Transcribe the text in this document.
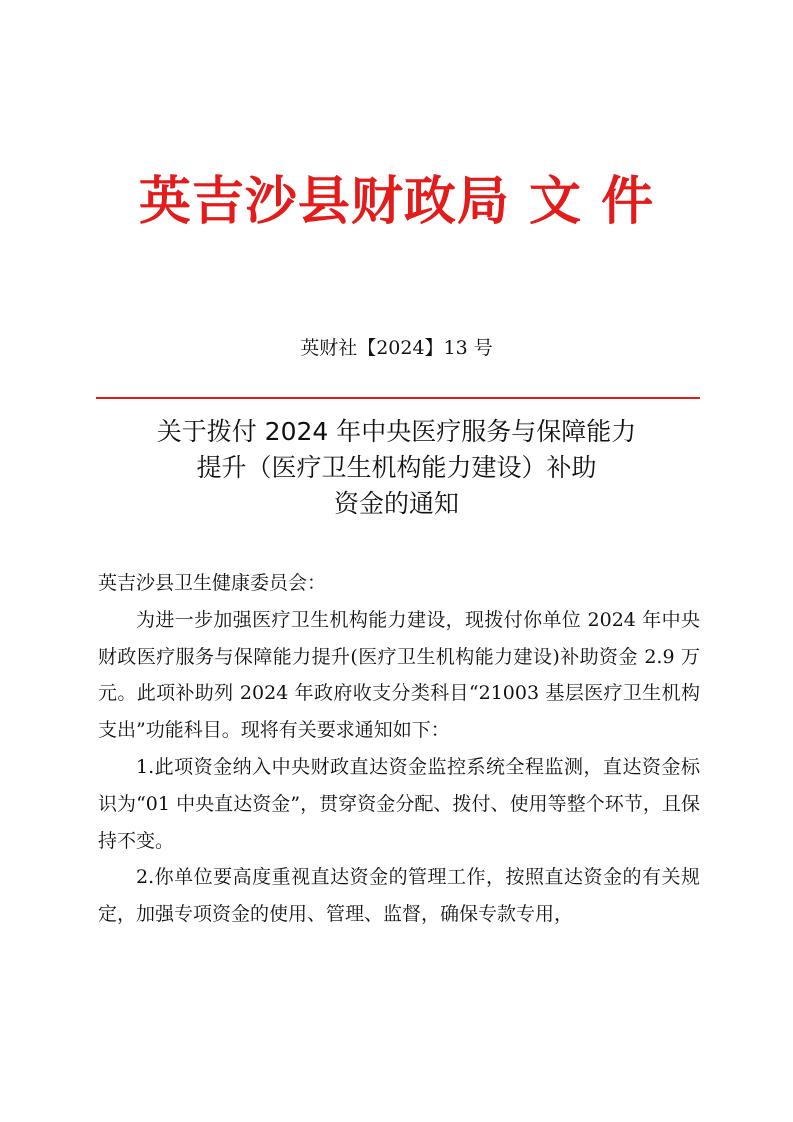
英吉沙县财政局 文 件
英财社【2024】13 号
关于拨付 2024 年中央医疗服务与保障能力
提升（医疗卫生机构能力建设）补助
资金的通知

英吉沙县卫生健康委员会：

为进一步加强医疗卫生机构能力建设，现拨付你单位 2024 年中央财政医疗服务与保障能力提升(医疗卫生机构能力建设)补助资金 2.9 万元。此项补助列 2024 年政府收支分类科目“21003 基层医疗卫生机构支出”功能科目。现将有关要求通知如下：

1.此项资金纳入中央财政直达资金监控系统全程监测，直达资金标识为“01 中央直达资金”，贯穿资金分配、拨付、使用等整个环节，且保持不变。

2.你单位要高度重视直达资金的管理工作，按照直达资金的有关规定，加强专项资金的使用、管理、监督，确保专款专用，
